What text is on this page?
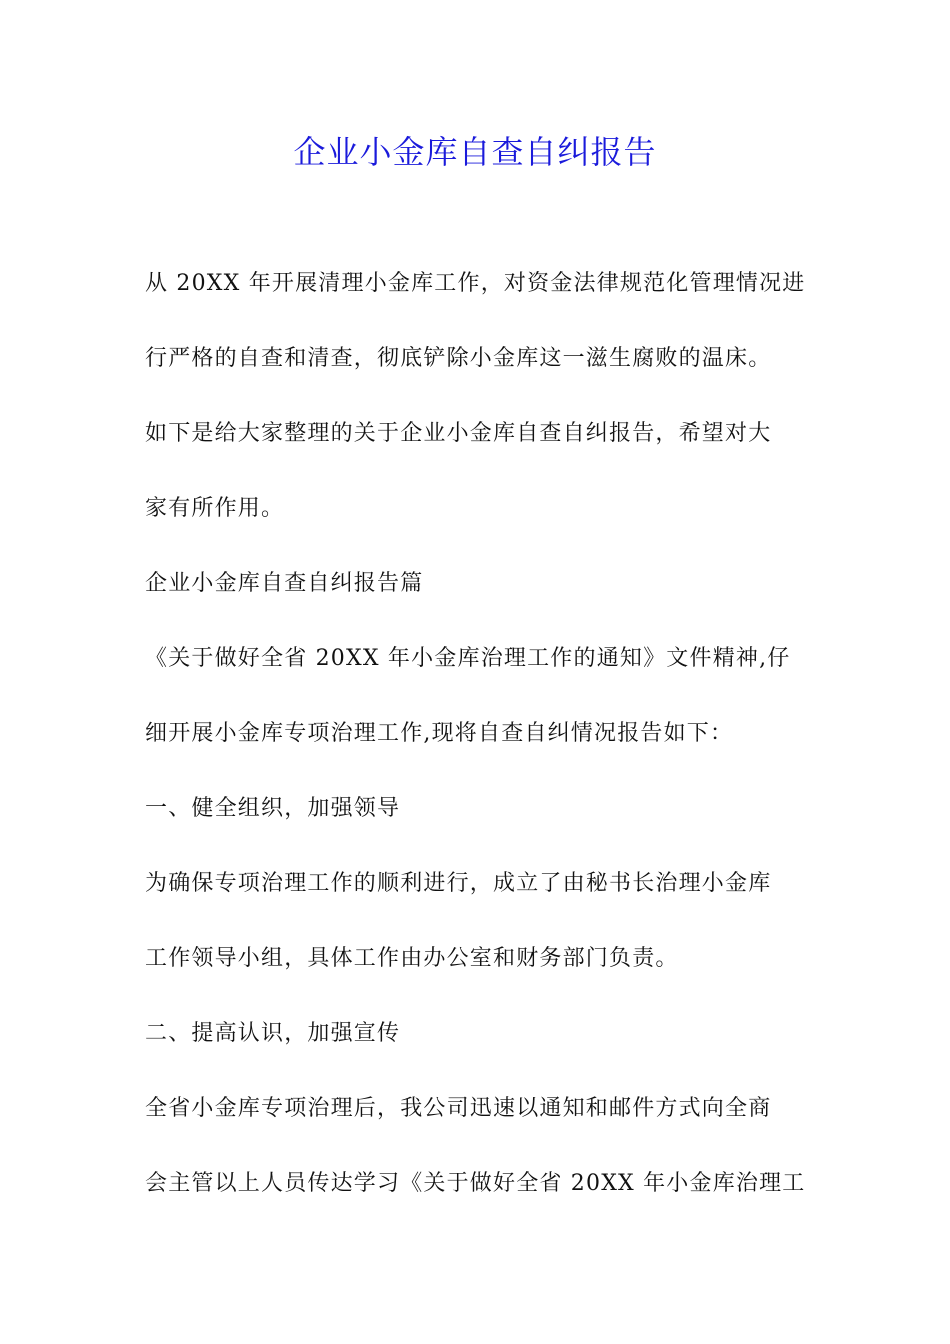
企业小金库自查自纠报告

从 20XX 年开展清理小金库工作，对资金法律规范化管理情况进

行严格的自查和清查，彻底铲除小金库这一滋生腐败的温床。

如下是给大家整理的关于企业小金库自查自纠报告，希望对大

家有所作用。

企业小金库自查自纠报告篇

《关于做好全省 20XX 年小金库治理工作的通知》文件精神,仔

细开展小金库专项治理工作,现将自查自纠情况报告如下：

一、健全组织，加强领导

为确保专项治理工作的顺利进行，成立了由秘书长治理小金库

工作领导小组，具体工作由办公室和财务部门负责。

二、提高认识，加强宣传

全省小金库专项治理后，我公司迅速以通知和邮件方式向全商

会主管以上人员传达学习《关于做好全省 20XX 年小金库治理工
